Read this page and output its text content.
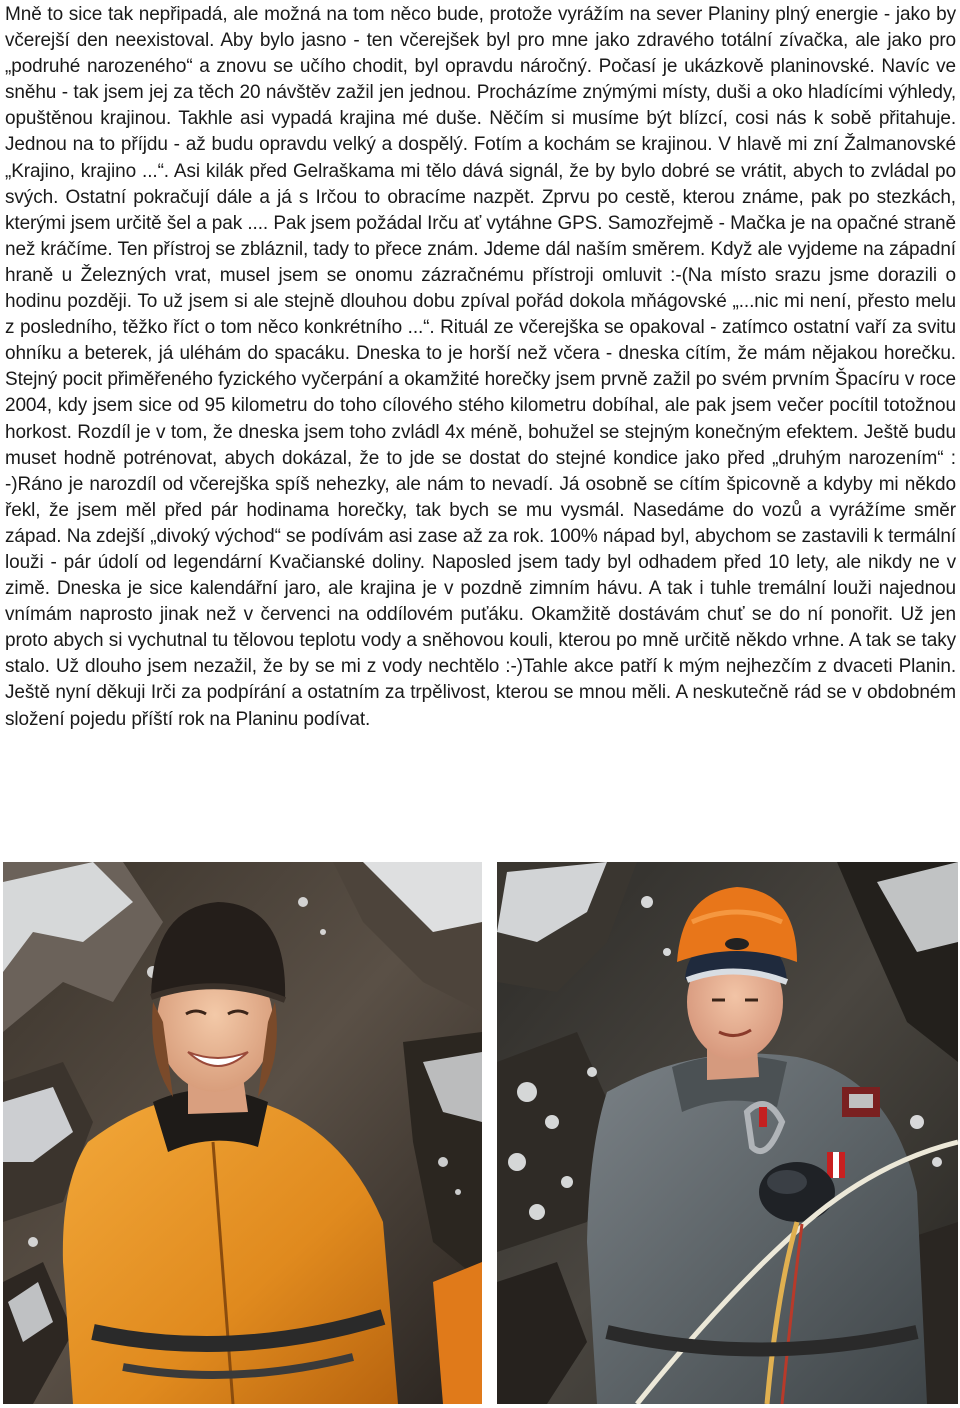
Mně to sice tak nepřipadá, ale možná na tom něco bude, protože vyrážím na sever Planiny plný energie - jako by včerejší den neexistoval. Aby bylo jasno - ten včerejšek byl pro mne jako zdravého totální zívačka, ale jako pro „podruhé narozeného“ a znovu se učího chodit, byl opravdu náročný. Počasí je ukázkově planinovské. Navíc ve sněhu - tak jsem jej za těch 20 návštěv zažil jen jednou. Procházíme znýmými místy, duši a oko hladícími výhledy, opuštěnou krajinou. Takhle asi vypadá krajina mé duše. Něčím si musíme být blízcí, cosi nás k sobě přitahuje. Jednou na to příjdu - až budu opravdu velký a dospělý. Fotím a kochám se krajinou. V hlavě mi zní Žalmanovské „Krajino, krajino ...“. Asi kilák před Gelraškama mi tělo dává signál, že by bylo dobré se vrátit, abych to zvládal po svých. Ostatní pokračují dále a já s Irčou to obracíme nazpět. Zprvu po cestě, kterou známe, pak po stezkách, kterými jsem určitě šel a pak .... Pak jsem požádal Irču ať vytáhne GPS. Samozřejmě - Mačka je na opačné straně než kráčíme. Ten přístroj se zbláznil, tady to přece znám. Jdeme dál naším směrem. Když ale vyjdeme na západní hraně u Železných vrat, musel jsem se onomu zázračnému přístroji omluvit :-(Na místo srazu jsme dorazili o hodinu později. To už jsem si ale stejně dlouhou dobu zpíval pořád dokola mňágovské „...nic mi není, přesto melu z posledního, těžko říct o tom něco konkrétního ...“. Rituál ze včerejška se opakoval - zatímco ostatní vaří za svitu ohníku a beterek, já uléhám do spacáku. Dneska to je horší než včera - dneska cítím, že mám nějakou horečku. Stejný pocit přiměřeného fyzického vyčerpání a okamžité horečky jsem prvně zažil po svém prvním Špacíru v roce 2004, kdy jsem sice od 95 kilometru do toho cílového stého kilometru dobíhal, ale pak jsem večer pocítil totožnou horkost. Rozdíl je v tom, že dneska jsem toho zvládl 4x méně, bohužel se stejným konečným efektem. Ještě budu muset hodně potrénovat, abych dokázal, že to jde se dostat do stejné kondice jako před „druhým narozením“ : -)Ráno je narozdíl od včerejška spíš nehezky, ale nám to nevadí. Já osobně se cítím špicovně a kdyby mi někdo řekl, že jsem měl před pár hodinama horečky, tak bych se mu vysmál. Nasedáme do vozů a vyrážíme směr západ. Na zdejší „divoký východ“ se podívám asi zase až za rok. 100% nápad byl, abychom se zastavili k termální louži - pár údolí od legendární Kvačianské doliny. Naposled jsem tady byl odhadem před 10 lety, ale nikdy ne v zimě. Dneska je sice kalendářní jaro, ale krajina je v pozdně zimním hávu. A tak i tuhle tremální louži najednou vnímám naprosto jinak než v červenci na oddílovém puťáku. Okamžitě dostávám chuť se do ní ponořit. Už jen proto abych si vychutnal tu tělovou teplotu vody a sněhovou kouli, kterou po mně určitě někdo vrhne. A tak se taky stalo. Už dlouho jsem nezažil, že by se mi z vody nechtělo :-)Tahle akce patří k mým nejhezčím z dvaceti Planin. Ještě nyní děkuji Irči za podpírání a ostatním za trpělivost, kterou se mnou měli. A neskutečně rád se v obdobném složení pojedu příští rok na Planinu podívat.
